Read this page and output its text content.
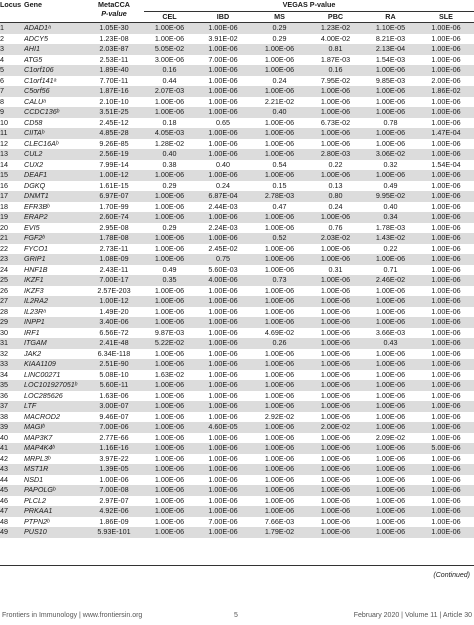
Locus	Gene	MetaCCA
P-value	VEGAS P-value						
			CEL	IBD	MS	PBC	RA	SLE	
1	ADAD1ᵃ	1.05E-30	1.00E-06	1.00E-06	0.29	1.23E-02	1.10E-05	1.00E-06	
2	ADCY5	1.23E-08	1.00E-06	3.91E-02	0.29	4.00E-02	8.21E-03	1.00E-06	
3	AHI1	2.03E-87	5.05E-02	1.00E-06	1.00E-06	0.81	2.13E-04	1.00E-06	
4	ATG5	2.53E-11	3.00E-06	7.00E-06	1.00E-06	1.87E-03	1.54E-03	1.00E-06	
5	C1orf106	1.89E-40	0.16	1.00E-06	1.00E-06	0.16	1.00E-06	1.00E-06	
6	C1orf141ᵃ	7.70E-11	0.44	1.00E-06	0.24	7.95E-02	9.85E-03	2.00E-06	
7	C5orf56	1.87E-16	2.07E-03	1.00E-06	1.00E-06	1.00E-06	1.00E-06	1.86E-02	
8	CALUᵃ	2.10E-10	1.00E-06	1.00E-06	2.21E-02	1.00E-06	1.00E-06	1.00E-06	
9	CCDC136ᵇ	3.51E-25	1.00E-06	1.00E-06	0.40	1.00E-06	1.00E-06	1.00E-06	
10	CD58	2.45E-12	0.18	0.65	1.00E-06	6.73E-02	0.78	1.00E-06	
11	CIITAᵇ	4.85E-28	4.05E-03	1.00E-06	1.00E-06	1.00E-06	1.00E-06	1.47E-04	
12	CLEC16Aᵇ	9.26E-85	1.28E-02	1.00E-06	1.00E-06	1.00E-06	1.00E-06	1.00E-06	
13	CUL2	2.56E-19	0.40	1.00E-06	1.00E-06	2.80E-03	3.06E-02	1.00E-06	
14	CUX2	7.99E-14	0.38	0.40	0.54	0.22	0.32	1.54E-04	
15	DEAF1	1.00E-12	1.00E-06	1.00E-06	1.00E-06	1.00E-06	1.00E-06	1.00E-06	
16	DGKQ	1.61E-15	0.29	0.24	0.15	0.13	0.49	1.00E-06	
17	DNMT1	6.97E-07	1.00E-06	6.87E-04	2.78E-03	0.80	9.95E-02	1.00E-06	
18	EFR3Bᵇ	1.70E-99	1.00E-06	2.44E-03	0.47	0.24	0.40	1.00E-06	
19	ERAP2	2.60E-74	1.00E-06	1.00E-06	1.00E-06	1.00E-06	0.34	1.00E-06	
20	EVI5	2.95E-08	0.29	2.24E-03	1.00E-06	0.76	1.78E-03	1.00E-06	
21	FGF2ᵇ	1.78E-08	1.00E-06	1.00E-06	0.52	2.03E-02	1.43E-02	1.00E-06	
22	FYCO1	2.73E-11	1.00E-06	2.45E-02	1.00E-06	1.00E-06	0.22	1.00E-06	
23	GRIP1	1.08E-09	1.00E-06	0.75	1.00E-06	1.00E-06	1.00E-06	1.00E-06	
24	HNF1B	2.43E-11	0.49	5.60E-03	1.00E-06	0.31	0.71	1.00E-06	
25	IKZF1	7.00E-17	0.35	4.00E-06	0.73	1.00E-06	2.46E-02	1.00E-06	
26	IKZF3	2.57E-203	1.00E-06	1.00E-06	1.00E-06	1.00E-06	1.00E-06	1.00E-06	
27	IL2RA2	1.00E-12	1.00E-06	1.00E-06	1.00E-06	1.00E-06	1.00E-06	1.00E-06	
28	IL23Rᵃ	1.49E-20	1.00E-06	1.00E-06	1.00E-06	1.00E-06	1.00E-06	1.00E-06	
29	INPP1	3.40E-06	1.00E-06	1.00E-06	1.00E-06	1.00E-06	1.00E-06	1.00E-06	
30	IRF1	6.56E-72	9.87E-03	1.00E-06	4.69E-02	1.00E-06	3.66E-03	1.00E-06	
31	ITGAM	2.41E-48	5.22E-02	1.00E-06	0.26	1.00E-06	0.43	1.00E-06	
32	JAK2	6.34E-118	1.00E-06	1.00E-06	1.00E-06	1.00E-06	1.00E-06	1.00E-06	
33	KIAA1109	2.51E-90	1.00E-06	1.00E-06	1.00E-06	1.00E-06	1.00E-06	1.00E-06	
34	LINC00271	5.08E-10	1.63E-02	1.00E-06	1.00E-06	1.00E-06	1.00E-06	1.00E-06	
35	LOC101927051ᵇ	5.60E-11	1.00E-06	1.00E-06	1.00E-06	1.00E-06	1.00E-06	1.00E-06	
36	LOC285626	1.63E-06	1.00E-06	1.00E-06	1.00E-06	1.00E-06	1.00E-06	1.00E-06	
37	LTF	3.00E-07	1.00E-06	1.00E-06	1.00E-06	1.00E-06	1.00E-06	1.00E-06	
38	MACROD2	9.46E-07	1.00E-06	1.00E-06	2.92E-02	1.00E-06	1.00E-06	1.00E-06	
39	MAGIᵇ	7.00E-06	1.00E-06	4.60E-05	1.00E-06	2.00E-02	1.00E-06	1.00E-06	
40	MAP3K7	2.77E-66	1.00E-06	1.00E-06	1.00E-06	1.00E-06	2.09E-02	1.00E-06	
41	MAP4K4ᵇ	1.16E-16	1.00E-06	1.00E-06	1.00E-06	1.00E-06	1.00E-06	5.00E-06	
42	MRPL3ᵇ	3.97E-22	1.00E-06	1.00E-06	1.00E-06	1.00E-06	1.00E-06	1.00E-06	
43	MST1R	1.39E-05	1.00E-06	1.00E-06	1.00E-06	1.00E-06	1.00E-06	1.00E-06	
44	NSD1	1.00E-06	1.00E-06	1.00E-06	1.00E-06	1.00E-06	1.00E-06	1.00E-06	
45	PAPOLGᵇ	7.00E-08	1.00E-06	1.00E-06	1.00E-06	1.00E-06	1.00E-06	1.00E-06	
46	PLCL2	2.97E-07	1.00E-06	1.00E-06	1.00E-06	1.00E-06	1.00E-06	1.00E-06	
47	PRKAA1	4.92E-06	1.00E-06	1.00E-06	1.00E-06	1.00E-06	1.00E-06	1.00E-06	
48	PTPN2ᵇ	1.86E-09	1.00E-06	7.00E-06	7.66E-03	1.00E-06	1.00E-06	1.00E-06	
49	PUS10	5.93E-101	1.00E-06	1.00E-06	1.79E-02	1.00E-06	1.00E-06	1.00E-06	
(Continued)
Frontiers in Immunology | www.frontiersin.org	5	February 2020 | Volume 11 | Article 30
